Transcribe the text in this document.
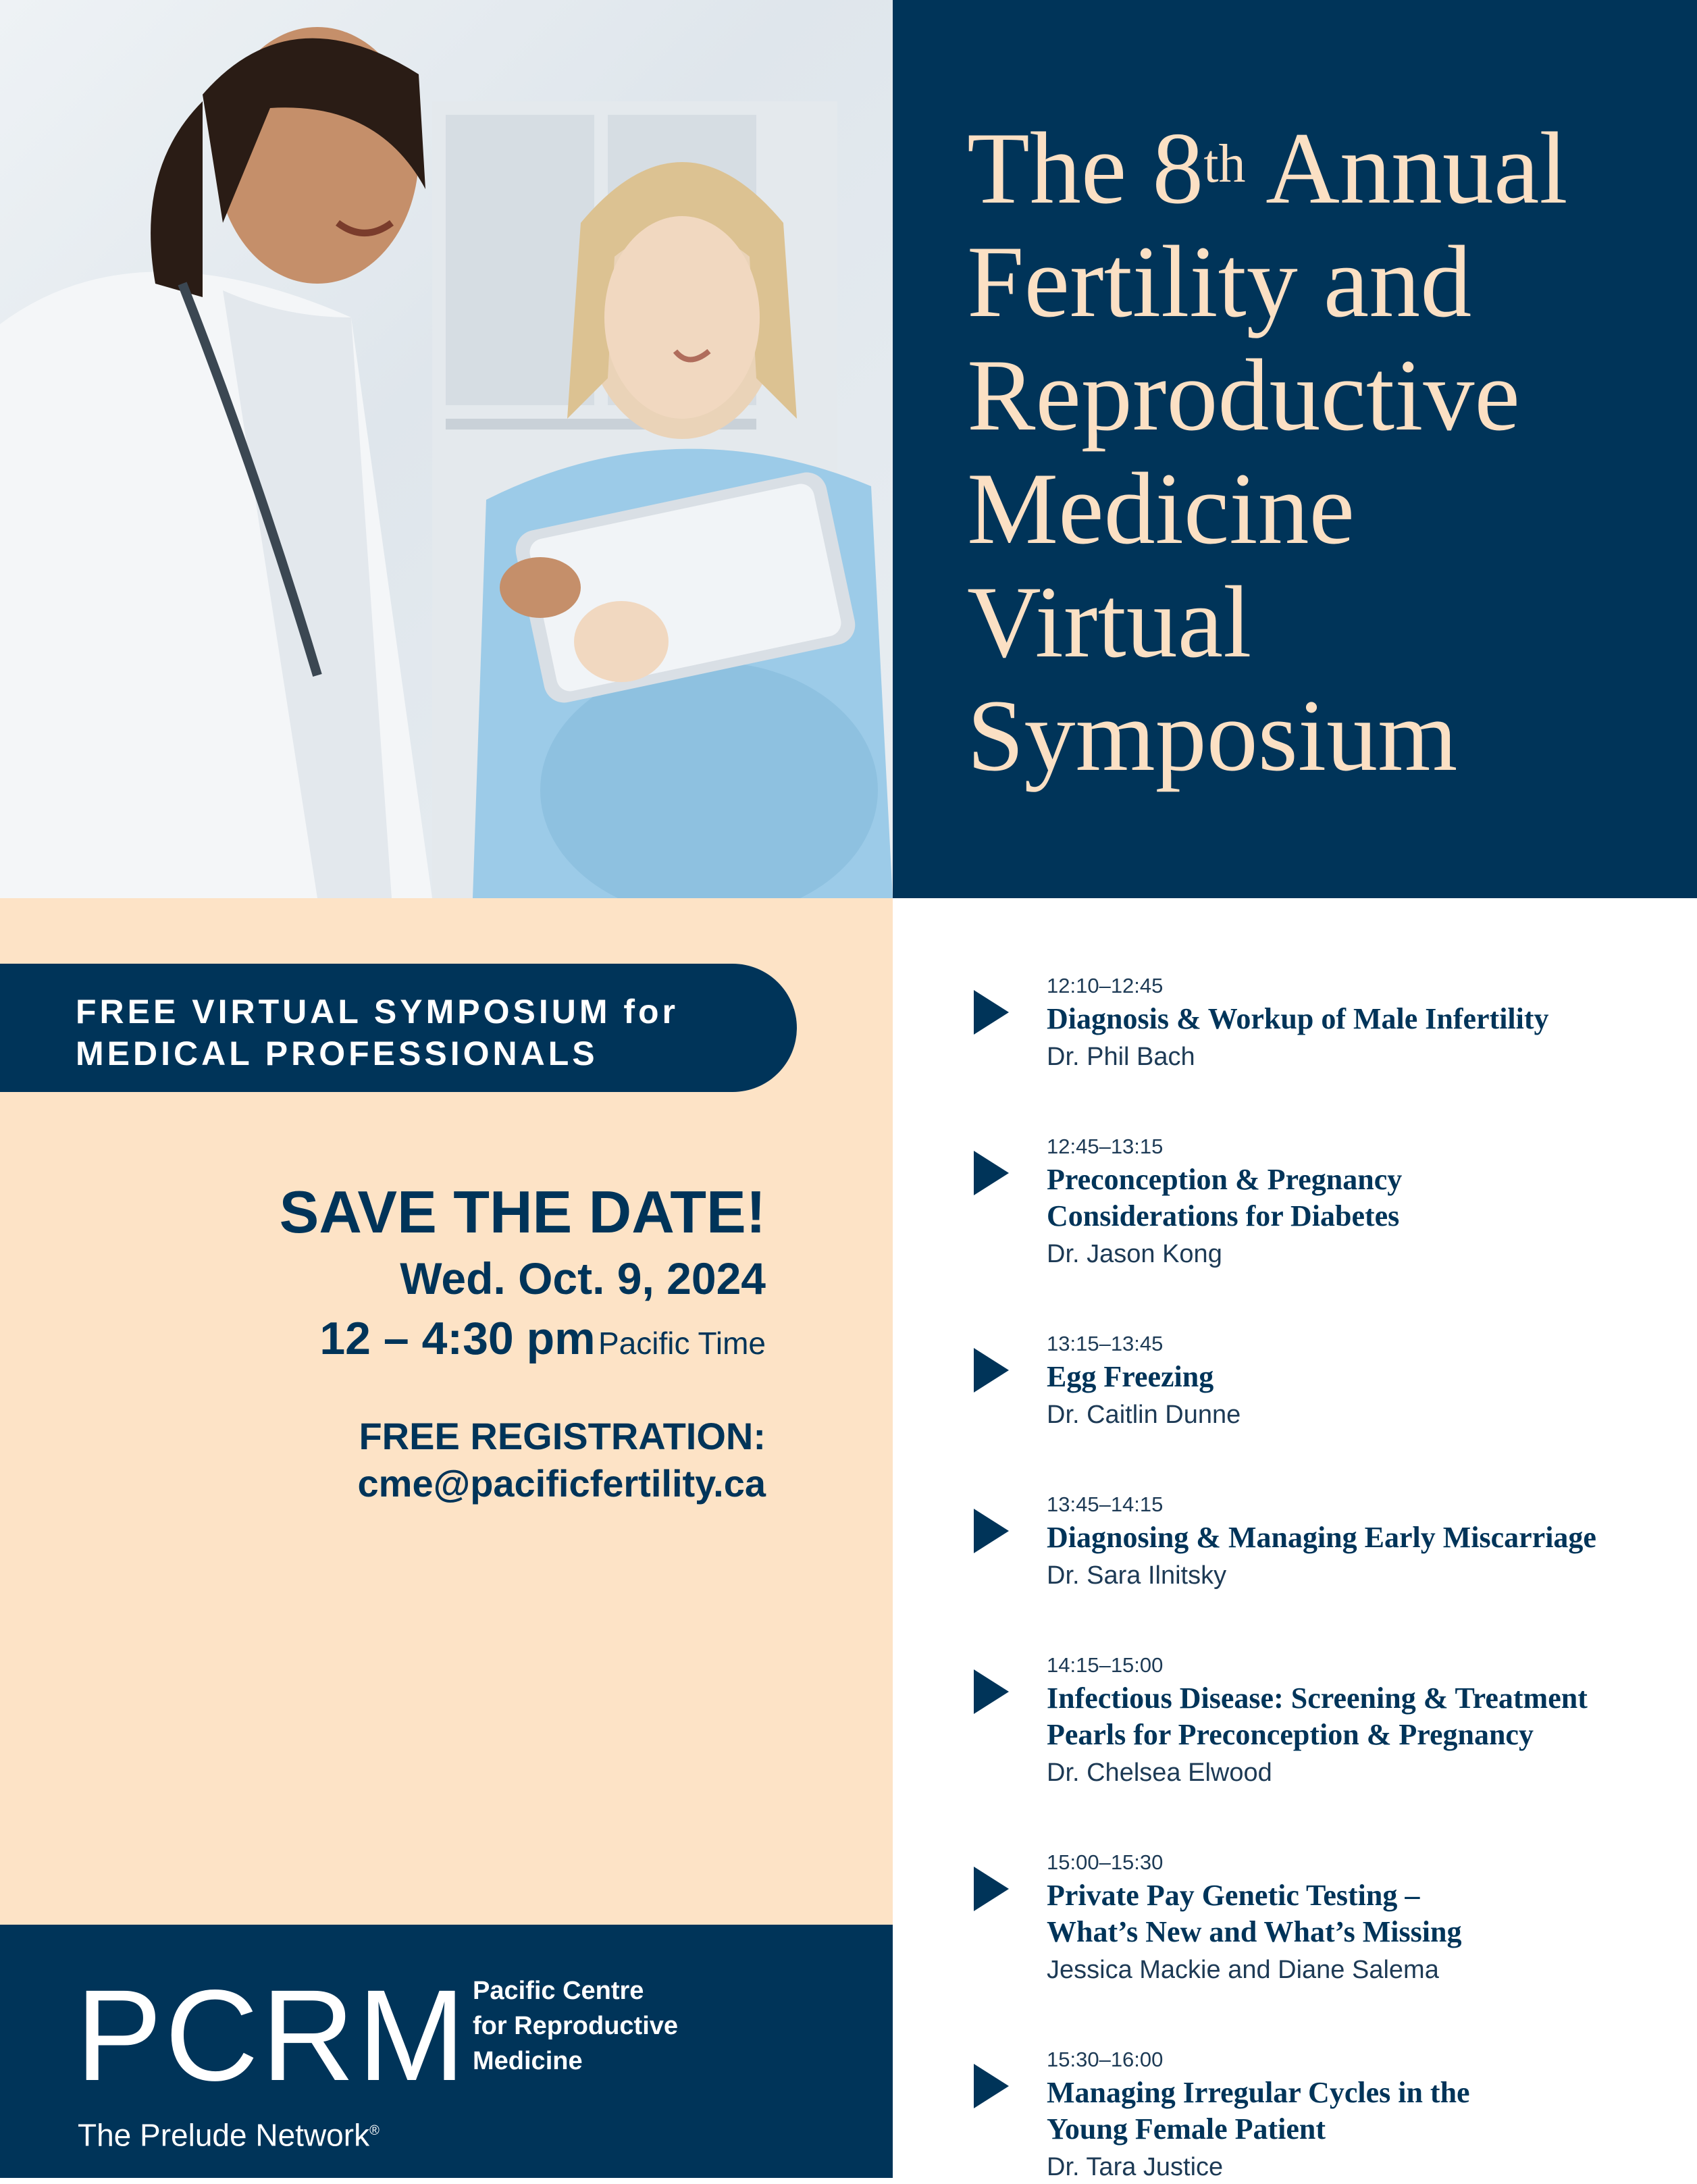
The 8th Annual
Fertility and
Reproductive
Medicine
Virtual
Symposium

FREE VIRTUAL SYMPOSIUM for
MEDICAL PROFESSIONALS

SAVE THE DATE!
Wed. Oct. 9, 2024
12 – 4:30 pm Pacific Time
FREE REGISTRATION:
cme@pacificfertility.ca
PCRM
The Prelude Network®
Pacific Centre
for Reproductive
Medicine
12:10–12:45
Diagnosis & Workup of Male Infertility
Dr. Phil Bach
12:45–13:15
Preconception & Pregnancy
Considerations for Diabetes
Dr. Jason Kong
13:15–13:45
Egg Freezing
Dr. Caitlin Dunne
13:45–14:15
Diagnosing & Managing Early Miscarriage
Dr. Sara Ilnitsky
14:15–15:00
Infectious Disease: Screening & Treatment
Pearls for Preconception & Pregnancy
Dr. Chelsea Elwood
15:00–15:30
Private Pay Genetic Testing –
What’s New and What’s Missing
Jessica Mackie and Diane Salema
15:30–16:00
Managing Irregular Cycles in the
Young Female Patient
Dr. Tara Justice
